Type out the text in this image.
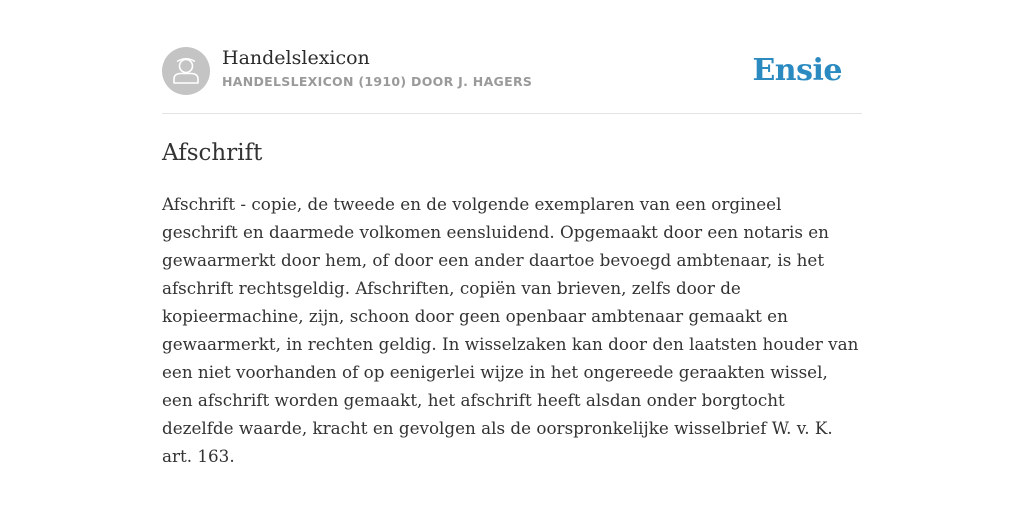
Handelslexicon
HANDELSLEXICON (1910) DOOR J. HAGERS	Ensie
Afschrift
Afschrift - copie, de tweede en de volgende exemplaren van een orgineel
geschrift en daarmede volkomen eensluidend. Opgemaakt door een notaris en
gewaarmerkt door hem, of door een ander daartoe bevoegd ambtenaar, is het
afschrift rechtsgeldig. Afschriften, copiën van brieven, zelfs door de
kopieermachine, zijn, schoon door geen openbaar ambtenaar gemaakt en
gewaarmerkt, in rechten geldig. In wisselzaken kan door den laatsten houder van
een niet voorhanden of op eenigerlei wijze in het ongereede geraakten wissel,
een afschrift worden gemaakt, het afschrift heeft alsdan onder borgtocht
dezelfde waarde, kracht en gevolgen als de oorspronkelijke wisselbrief W. v. K.
art. 163.
